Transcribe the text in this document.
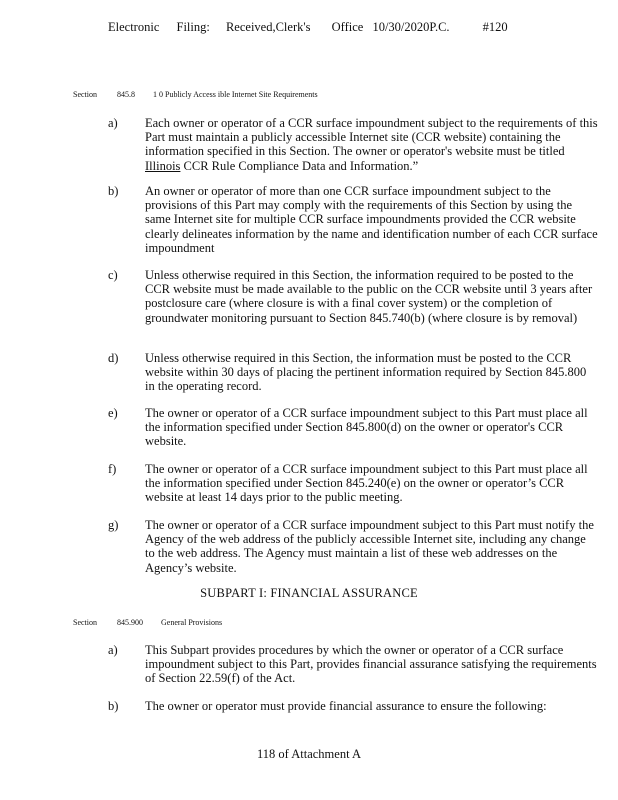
Electronic Filing: Received,Clerk's Office 10/30/2020P.C.	#120
Section	845.8 1 0 Publicly Access ible Internet Site Requirements
a) Each owner or operator of a CCR surface impoundment subject to the requirements of this Part must maintain a publicly accessible Internet site (CCR website) containing the information specified in this Section. The owner or operator's website must be titled Illinois CCR Rule Compliance Data and Information.”
b) An owner or operator of more than one CCR surface impoundment subject to the provisions of this Part may comply with the requirements of this Section by using the same Internet site for multiple CCR surface impoundments provided the CCR website clearly delineates information by the name and identification number of each CCR surface impoundment
c) Unless otherwise required in this Section, the information required to be posted to the CCR website must be made available to the public on the CCR website until 3 years after postclosure care (where closure is with a final cover system) or the completion of groundwater monitoring pursuant to Section 845.740(b) (where closure is by removal)
d) Unless otherwise required in this Section, the information must be posted to the CCR website within 30 days of placing the pertinent information required by Section 845.800 in the operating record.
e) The owner or operator of a CCR surface impoundment subject to this Part must place all the information specified under Section 845.800(d) on the owner or operator's CCR website.
f) The owner or operator of a CCR surface impoundment subject to this Part must place all the information specified under Section 845.240(e) on the owner or operator’s CCR website at least 14 days prior to the public meeting.
g) The owner or operator of a CCR surface impoundment subject to this Part must notify the Agency of the web address of the publicly accessible Internet site, including any change to the web address. The Agency must maintain a list of these web addresses on the Agency’s website.
SUBPART I: FINANCIAL ASSURANCE
Section	845.900 General Provisions
a) This Subpart provides procedures by which the owner or operator of a CCR surface impoundment subject to this Part, provides financial assurance satisfying the requirements of Section 22.59(f) of the Act.
b) The owner or operator must provide financial assurance to ensure the following:
118 of Attachment A
